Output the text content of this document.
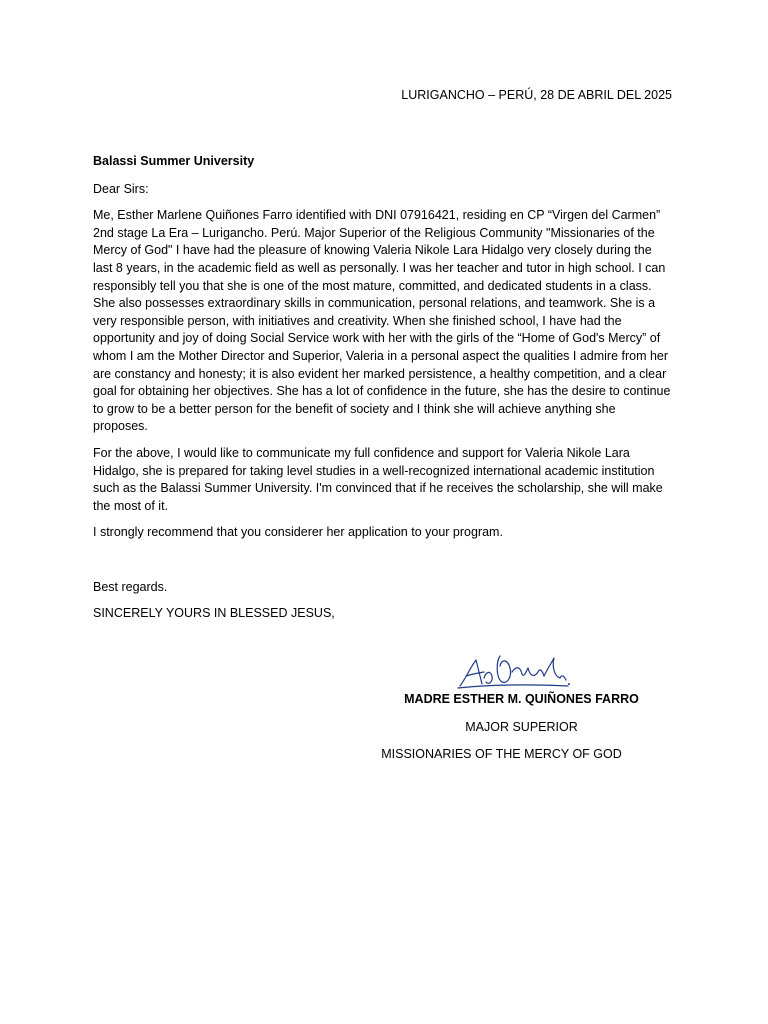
LURIGANCHO – PERÚ, 28 DE ABRIL DEL 2025

Balassi Summer University

Dear Sirs:

Me, Esther Marlene Quiñones Farro identified with DNI 07916421, residing en CP “Virgen del Carmen” 2nd stage La Era – Lurigancho. Perú. Major Superior of the Religious Community "Missionaries of the Mercy of God" I have had the pleasure of knowing Valeria Nikole Lara Hidalgo very closely during the last 8 years, in the academic field as well as personally. I was her teacher and tutor in high school. I can responsibly tell you that she is one of the most mature, committed, and dedicated students in a class. She also possesses extraordinary skills in communication, personal relations, and teamwork. She is a very responsible person, with initiatives and creativity. When she finished school, I have had the opportunity and joy of doing Social Service work with her with the girls of the “Home of God's Mercy” of whom I am the Mother Director and Superior, Valeria in a personal aspect the qualities I admire from her are constancy and honesty; it is also evident her marked persistence, a healthy competition, and a clear goal for obtaining her objectives. She has a lot of confidence in the future, she has the desire to continue to grow to be a better person for the benefit of society and I think she will achieve anything she proposes.

For the above, I would like to communicate my full confidence and support for Valeria Nikole Lara Hidalgo, she is prepared for taking level studies in a well-recognized international academic institution such as the Balassi Summer University. I'm convinced that if he receives the scholarship, she will make the most of it.

I strongly recommend that you considerer her application to your program.

Best regards.

SINCERELY YOURS IN BLESSED JESUS,

MADRE ESTHER M. QUIÑONES FARRO
MAJOR SUPERIOR
MISSIONARIES OF THE MERCY OF GOD
